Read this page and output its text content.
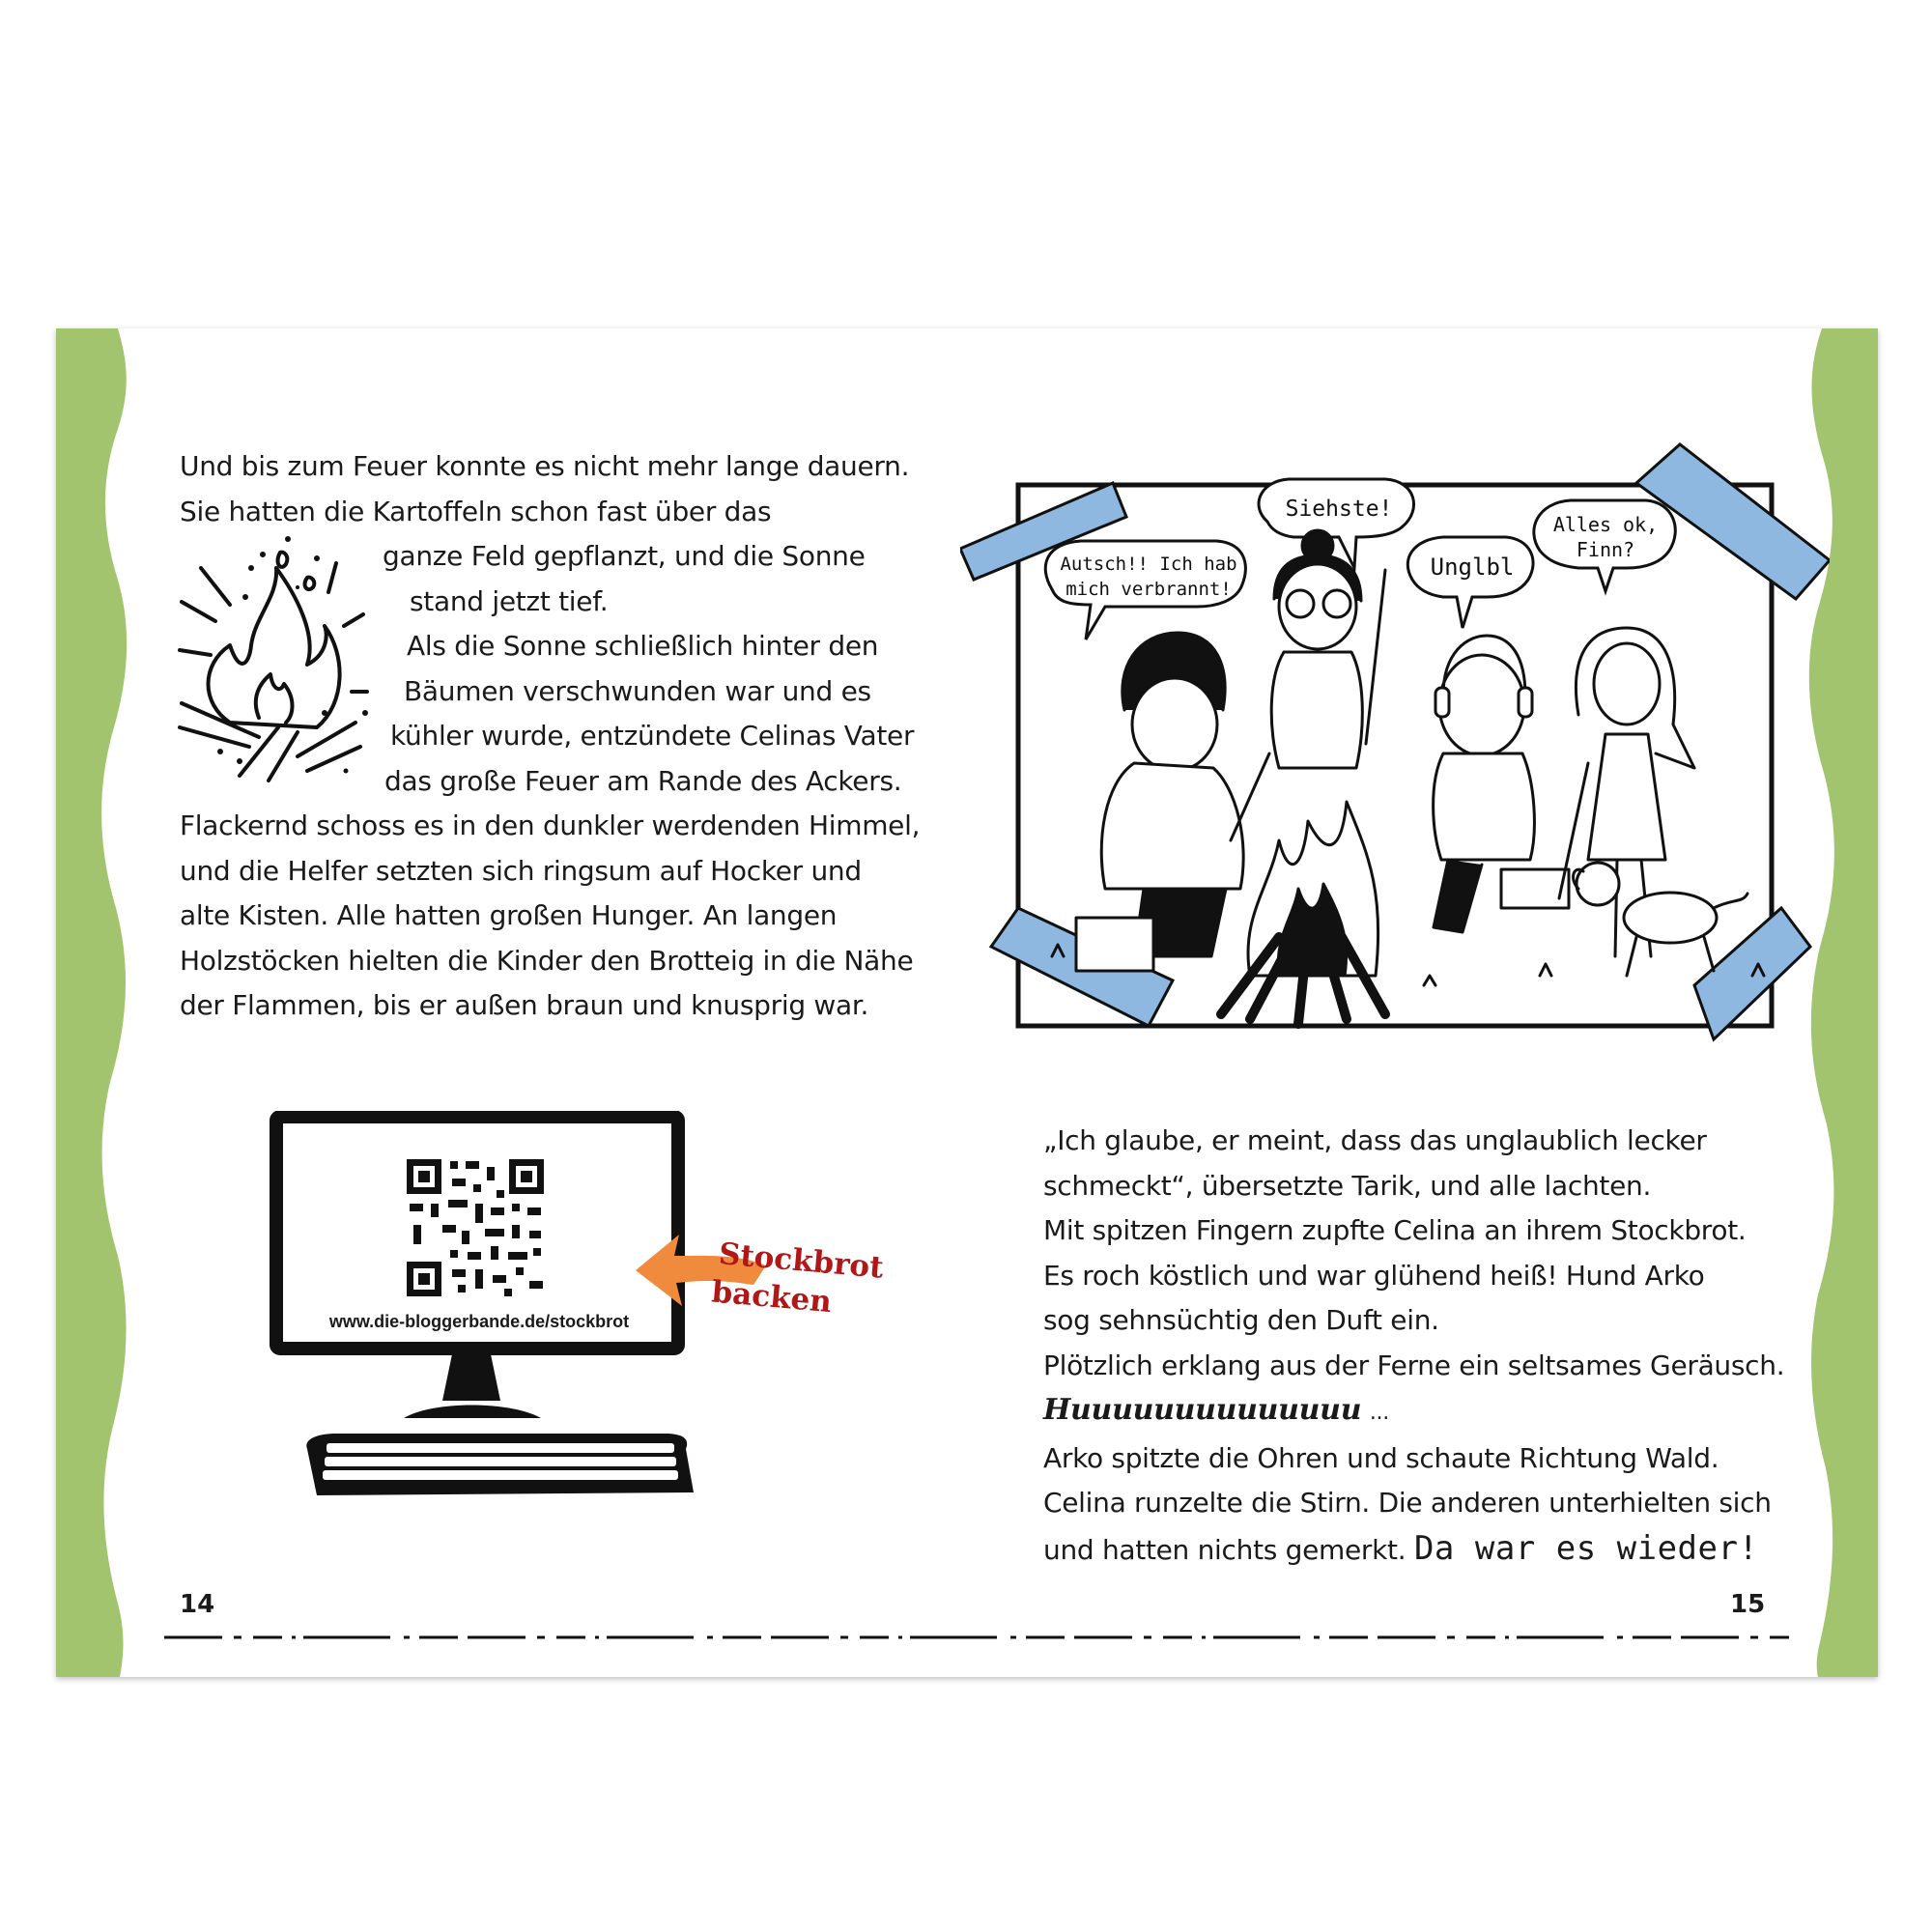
Und bis zum Feuer konnte es nicht mehr lange dauern.
Sie hatten die Kartoffeln schon fast über das
ganze Feld gepflanzt, und die Sonne
stand jetzt tief.
Als die Sonne schließlich hinter den
Bäumen verschwunden war und es
kühler wurde, entzündete Celinas Vater
das große Feuer am Rande des Ackers.
Flackernd schoss es in den dunkler werdenden Himmel,
und die Helfer setzten sich ringsum auf Hocker und
alte Kisten. Alle hatten großen Hunger. An langen
Holzstöcken hielten die Kinder den Brotteig in die Nähe
der Flammen, bis er außen braun und knusprig war.
Autsch!! Ich hab
mich verbrannt!
Siehste!
Unglbl
Alles ok,
Finn?
www.die-bloggerbande.de/stockbrot
Stockbrot
backen
„Ich glaube, er meint, dass das unglaublich lecker
schmeckt“, übersetzte Tarik, und alle lachten.
Mit spitzen Fingern zupfte Celina an ihrem Stockbrot.
Es roch köstlich und war glühend heiß! Hund Arko
sog sehnsüchtig den Duft ein.
Plötzlich erklang aus der Ferne ein seltsames Geräusch.
Huuuuuuuuuuuuuu ...
Arko spitzte die Ohren und schaute Richtung Wald.
Celina runzelte die Stirn. Die anderen unterhielten sich
und hatten nichts gemerkt. Da war es wieder!
14	15
